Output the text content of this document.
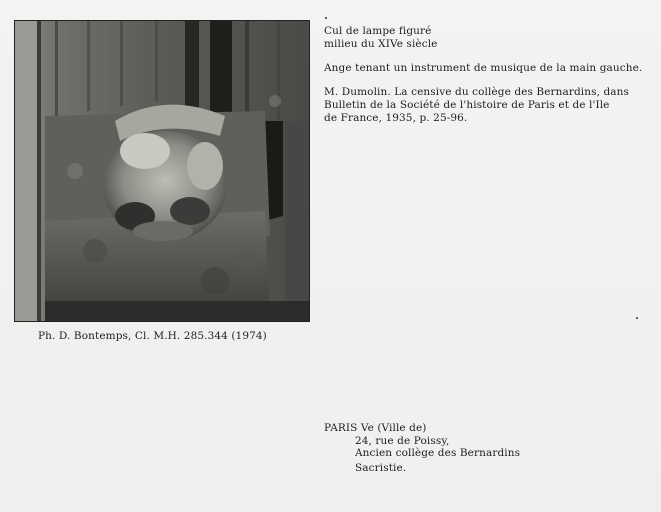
Ph. D. Bontemps, Cl. M.H. 285.344 (1974)
Cul de lampe figuré
milieu du XIVe siècle
Ange tenant un instrument de musique de la main gauche.
M. Dumolin. La censive du collège des Bernardins, dans
Bulletin de la Société de l'histoire de Paris et de l'Ile
de France, 1935, p. 25-96.
PARIS Ve (Ville de)
24, rue de Poissy,
Ancien collège des Bernardins
Sacristie.
